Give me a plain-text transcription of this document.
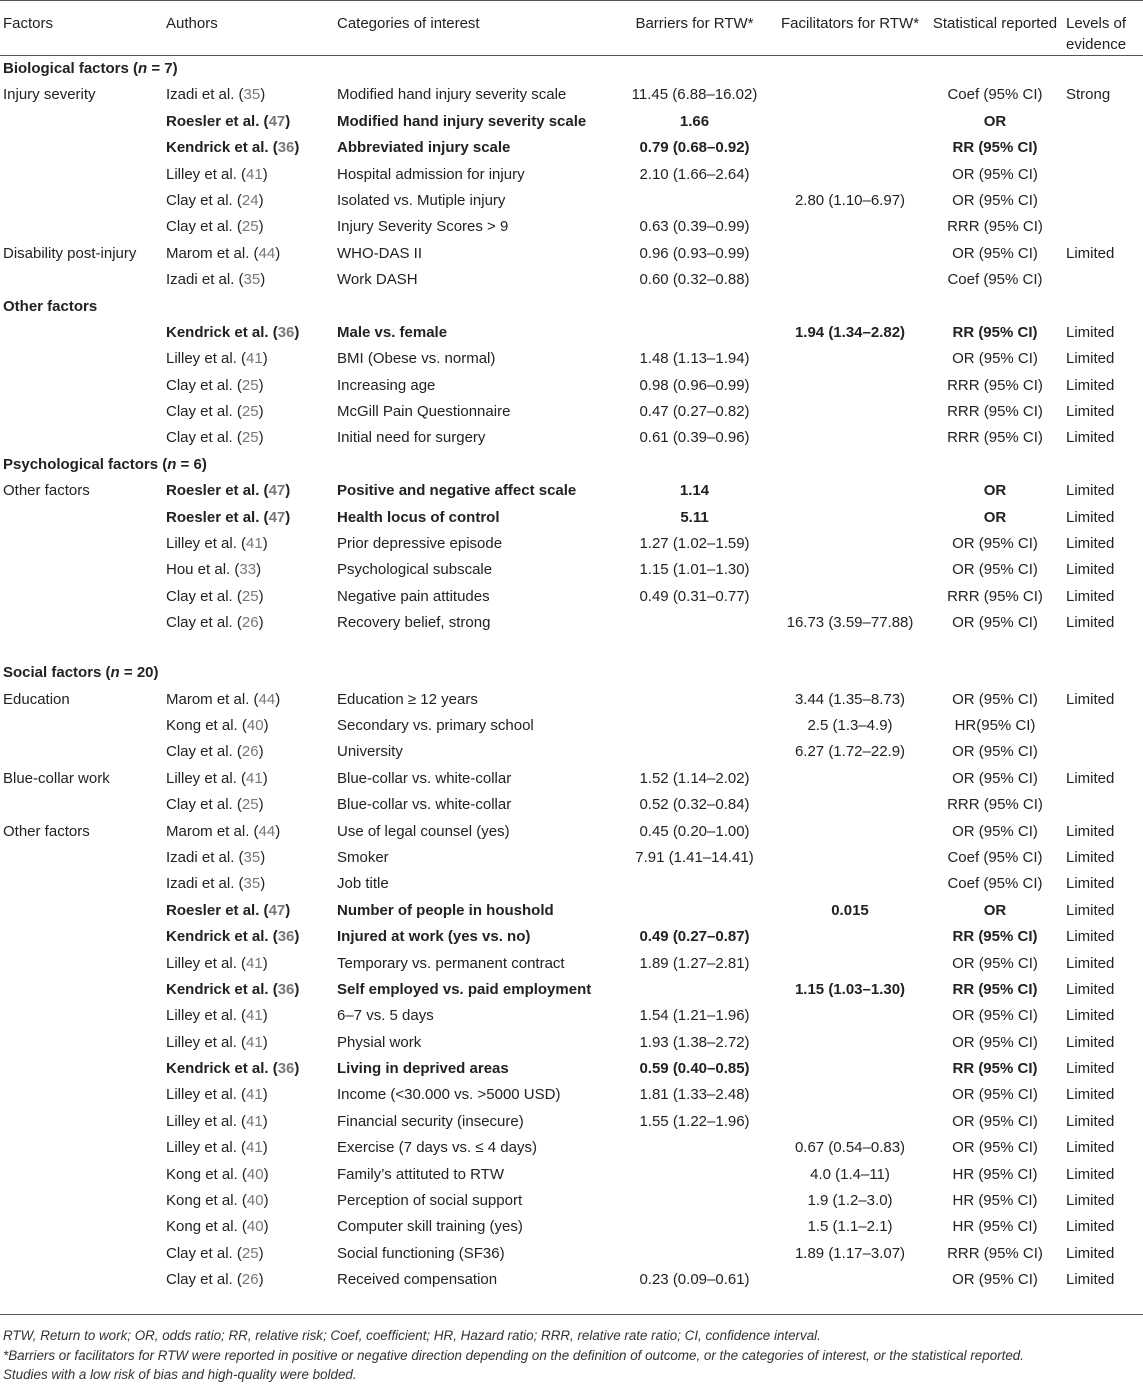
Factors	Authors	Categories of interest	Barriers for RTW*	Facilitators for RTW*	Statistical reported	Levels of evidence
Biological factors (n = 7)						
Injury severity	Izadi et al. (35)	Modified hand injury severity scale	11.45 (6.88–16.02)		Coef (95% CI)	Strong
	Roesler et al. (47)	Modified hand injury severity scale	1.66		OR	
	Kendrick et al. (36)	Abbreviated injury scale	0.79 (0.68–0.92)		RR (95% CI)	
	Lilley et al. (41)	Hospital admission for injury	2.10 (1.66–2.64)		OR (95% CI)	
	Clay et al. (24)	Isolated vs. Mutiple injury		2.80 (1.10–6.97)	OR (95% CI)	
	Clay et al. (25)	Injury Severity Scores > 9	0.63 (0.39–0.99)		RRR (95% CI)	
Disability post-injury	Marom et al. (44)	WHO-DAS II	0.96 (0.93–0.99)		OR (95% CI)	Limited
	Izadi et al. (35)	Work DASH	0.60 (0.32–0.88)		Coef (95% CI)	
Other factors						
	Kendrick et al. (36)	Male vs. female		1.94 (1.34–2.82)	RR (95% CI)	Limited
	Lilley et al. (41)	BMI (Obese vs. normal)	1.48 (1.13–1.94)		OR (95% CI)	Limited
	Clay et al. (25)	Increasing age	0.98 (0.96–0.99)		RRR (95% CI)	Limited
	Clay et al. (25)	McGill Pain Questionnaire	0.47 (0.27–0.82)		RRR (95% CI)	Limited
	Clay et al. (25)	Initial need for surgery	0.61 (0.39–0.96)		RRR (95% CI)	Limited
Psychological factors (n = 6)						
Other factors	Roesler et al. (47)	Positive and negative affect scale	1.14		OR	Limited
	Roesler et al. (47)	Health locus of control	5.11		OR	Limited
	Lilley et al. (41)	Prior depressive episode	1.27 (1.02–1.59)		OR (95% CI)	Limited
	Hou et al. (33)	Psychological subscale	1.15 (1.01–1.30)		OR (95% CI)	Limited
	Clay et al. (25)	Negative pain attitudes	0.49 (0.31–0.77)		RRR (95% CI)	Limited
	Clay et al. (26)	Recovery belief, strong		16.73 (3.59–77.88)	OR (95% CI)	Limited
Social factors (n = 20)						
Education	Marom et al. (44)	Education ≥ 12 years		3.44 (1.35–8.73)	OR (95% CI)	Limited
	Kong et al. (40)	Secondary vs. primary school		2.5 (1.3–4.9)	HR(95% CI)	
	Clay et al. (26)	University		6.27 (1.72–22.9)	OR (95% CI)	
Blue-collar work	Lilley et al. (41)	Blue-collar vs. white-collar	1.52 (1.14–2.02)		OR (95% CI)	Limited
	Clay et al. (25)	Blue-collar vs. white-collar	0.52 (0.32–0.84)		RRR (95% CI)	
Other factors	Marom et al. (44)	Use of legal counsel (yes)	0.45 (0.20–1.00)		OR (95% CI)	Limited
	Izadi et al. (35)	Smoker	7.91 (1.41–14.41)		Coef (95% CI)	Limited
	Izadi et al. (35)	Job title			Coef (95% CI)	Limited
	Roesler et al. (47)	Number of people in houshold		0.015	OR	Limited
	Kendrick et al. (36)	Injured at work (yes vs. no)	0.49 (0.27–0.87)		RR (95% CI)	Limited
	Lilley et al. (41)	Temporary vs. permanent contract	1.89 (1.27–2.81)		OR (95% CI)	Limited
	Kendrick et al. (36)	Self employed vs. paid employment		1.15 (1.03–1.30)	RR (95% CI)	Limited
	Lilley et al. (41)	6–7 vs. 5 days	1.54 (1.21–1.96)		OR (95% CI)	Limited
	Lilley et al. (41)	Physial work	1.93 (1.38–2.72)		OR (95% CI)	Limited
	Kendrick et al. (36)	Living in deprived areas	0.59 (0.40–0.85)		RR (95% CI)	Limited
	Lilley et al. (41)	Income (<30.000 vs. >5000 USD)	1.81 (1.33–2.48)		OR (95% CI)	Limited
	Lilley et al. (41)	Financial security (insecure)	1.55 (1.22–1.96)		OR (95% CI)	Limited
	Lilley et al. (41)	Exercise (7 days vs. ≤ 4 days)		0.67 (0.54–0.83)	OR (95% CI)	Limited
	Kong et al. (40)	Family’s attituted to RTW		4.0 (1.4–11)	HR (95% CI)	Limited
	Kong et al. (40)	Perception of social support		1.9 (1.2–3.0)	HR (95% CI)	Limited
	Kong et al. (40)	Computer skill training (yes)		1.5 (1.1–2.1)	HR (95% CI)	Limited
	Clay et al. (25)	Social functioning (SF36)		1.89 (1.17–3.07)	RRR (95% CI)	Limited
	Clay et al. (26)	Received compensation	0.23 (0.09–0.61)		OR (95% CI)	Limited
RTW, Return to work; OR, odds ratio; RR, relative risk; Coef, coefficient; HR, Hazard ratio; RRR, relative rate ratio; CI, confidence interval.
*Barriers or facilitators for RTW were reported in positive or negative direction depending on the definition of outcome, or the categories of interest, or the statistical reported.
Studies with a low risk of bias and high-quality were bolded.
